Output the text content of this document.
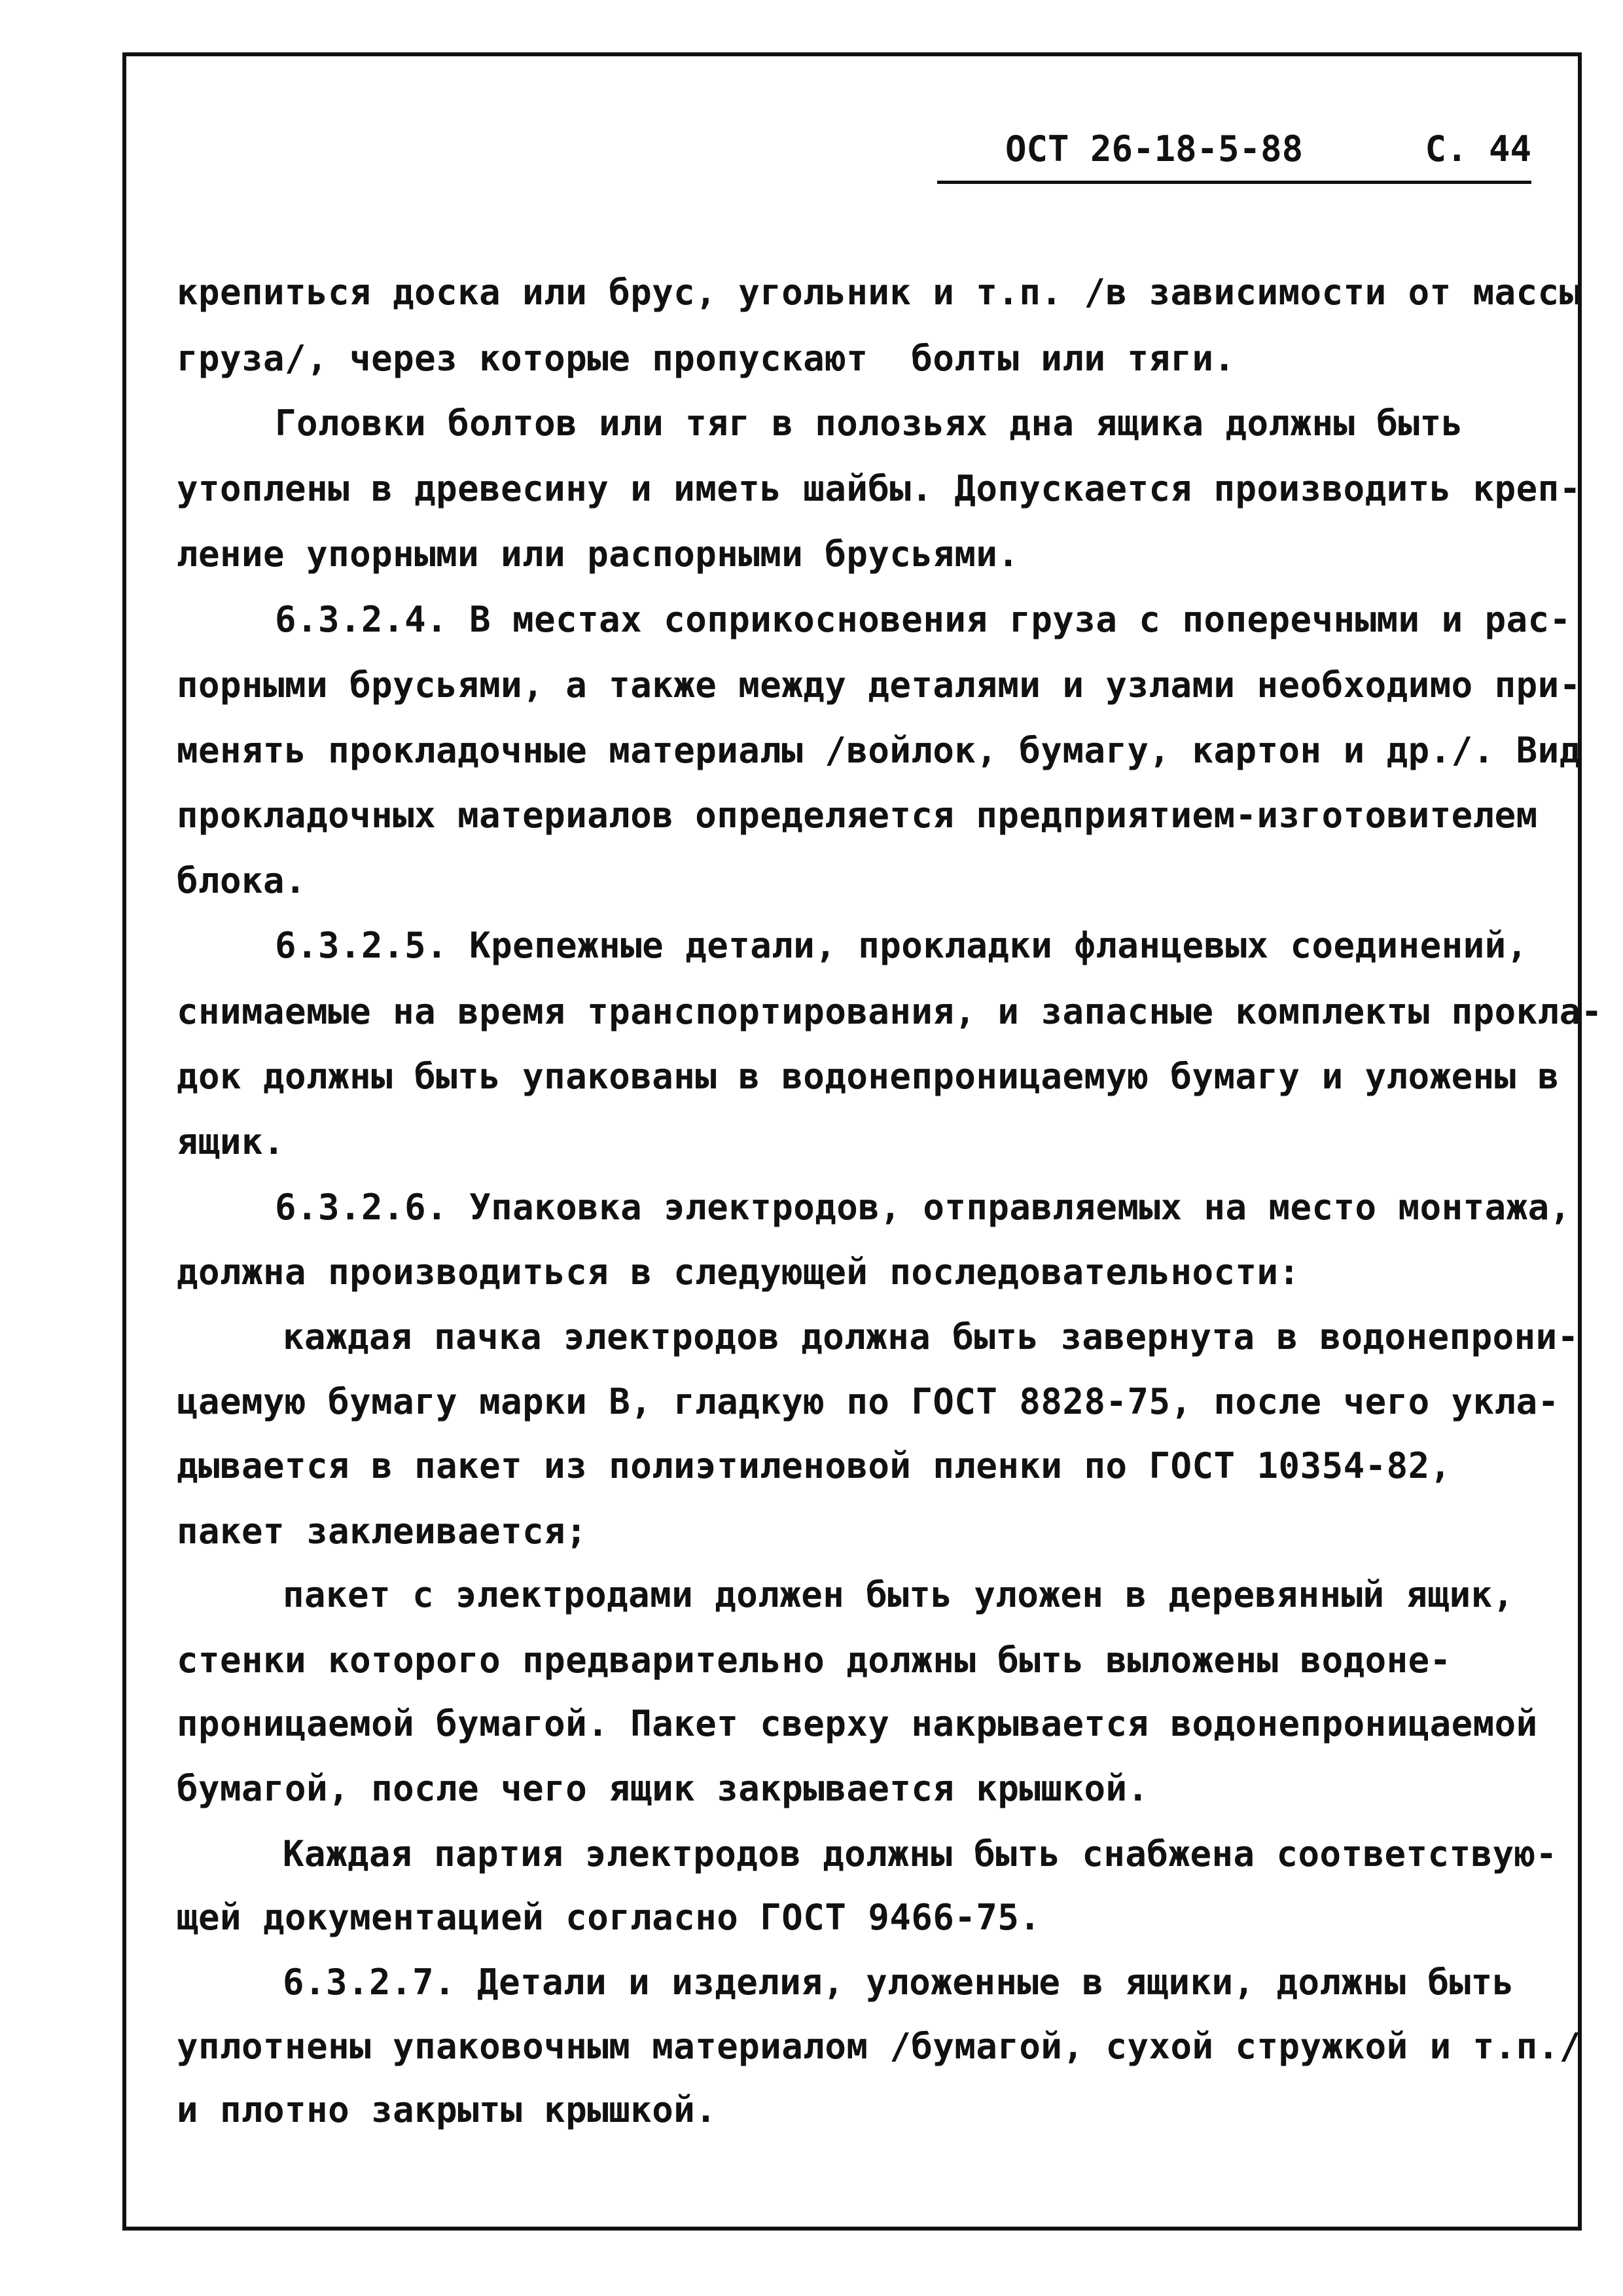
ОСТ 26-18-5-88	С. 44
крепиться доска или брус, угольник и т.п. /в зависимости от массы
груза/, через которые пропускают  болты или тяги.
Головки болтов или тяг в полозьях дна ящика должны быть
утоплены в древесину и иметь шайбы. Допускается производить креп-
ление упорными или распорными брусьями.
6.3.2.4. В местах соприкосновения груза с поперечными и рас-
порными брусьями, а также между деталями и узлами необходимо при-
менять прокладочные материалы /войлок, бумагу, картон и др./. Вид
прокладочных материалов определяется предприятием-изготовителем
блока.
6.3.2.5. Крепежные детали, прокладки фланцевых соединений,
снимаемые на время транспортирования, и запасные комплекты прокла-
док должны быть упакованы в водонепроницаемую бумагу и уложены в
ящик.
6.3.2.6. Упаковка электродов, отправляемых на место монтажа,
должна производиться в следующей последовательности:
каждая пачка электродов должна быть завернута в водонепрони-
цаемую бумагу марки В, гладкую по ГОСТ 8828-75, после чего укла-
дывается в пакет из полиэтиленовой пленки по ГОСТ 10354-82,
пакет заклеивается;
пакет с электродами должен быть уложен в деревянный ящик,
стенки которого предварительно должны быть выложены водоне-
проницаемой бумагой. Пакет сверху накрывается водонепроницаемой
бумагой, после чего ящик закрывается крышкой.
Каждая партия электродов должны быть снабжена соответствую-
щей документацией согласно ГОСТ 9466-75.
6.3.2.7. Детали и изделия, уложенные в ящики, должны быть
уплотнены упаковочным материалом /бумагой, сухой стружкой и т.п./
и плотно закрыты крышкой.
